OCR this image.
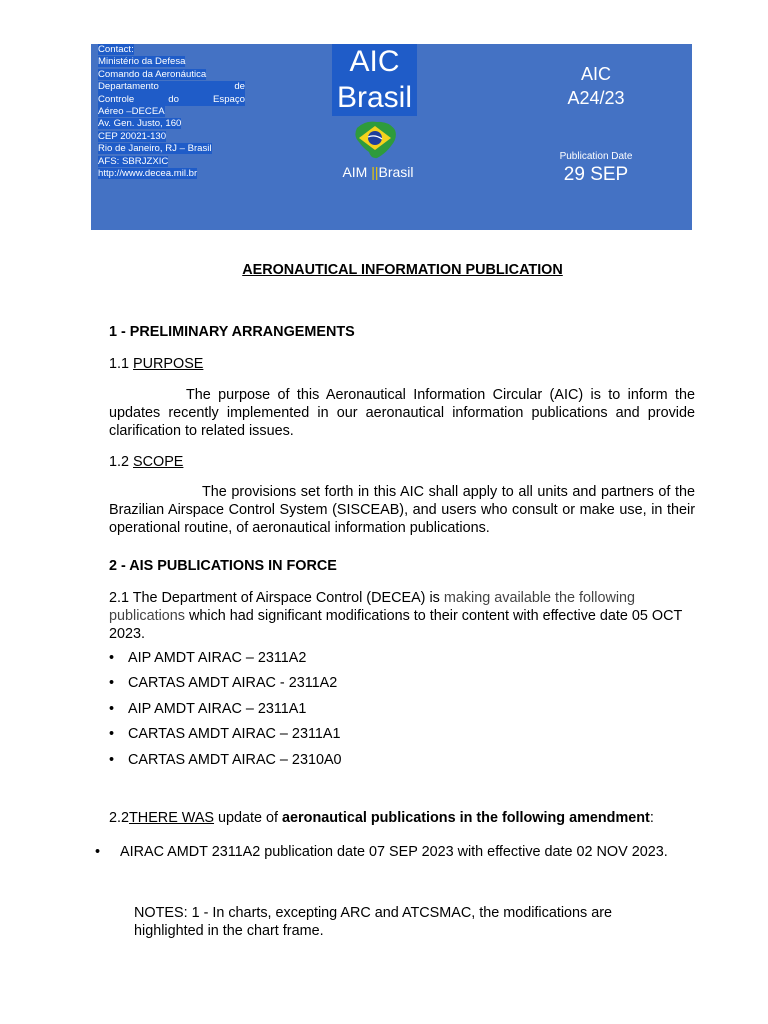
Contact:
Ministério da Defesa
Comando da Aeronáutica
Departamento de
Controle do Espaço
Aéreo –DECEA
Av. Gen. Justo, 160
CEP 20021-130
Rio de Janeiro, RJ – Brasil
AFS: SBRJZXIC
http://www.decea.mil.br
AIC
Brasil
AIM ||Brasil
AIC
A24/23
Publication Date
29 SEP
AERONAUTICAL INFORMATION PUBLICATION
1 - PRELIMINARY ARRANGEMENTS
1.1 PURPOSE
The purpose of this Aeronautical Information Circular (AIC) is to inform the updates recently implemented in our aeronautical information publications and provide clarification to related issues.
1.2 SCOPE
The provisions set forth in this AIC shall apply to all units and partners of the Brazilian Airspace Control System (SISCEAB), and users who consult or make use, in their operational routine, of aeronautical information publications.
2 - AIS PUBLICATIONS IN FORCE
2.1 The Department of Airspace Control (DECEA) is making available the following publications which had significant modifications to their content with effective date 05 OCT 2023.
• AIP AMDT AIRAC – 2311A2
• CARTAS AMDT AIRAC - 2311A2
• AIP AMDT AIRAC – 2311A1
• CARTAS AMDT AIRAC – 2311A1
• CARTAS AMDT AIRAC – 2310A0
2.2THERE WAS update of aeronautical publications in the following amendment:
• AIRAC AMDT 2311A2 publication date 07 SEP 2023 with effective date 02 NOV 2023.
NOTES: 1 - In charts, excepting ARC and ATCSMAC, the modifications are highlighted in the chart frame.
